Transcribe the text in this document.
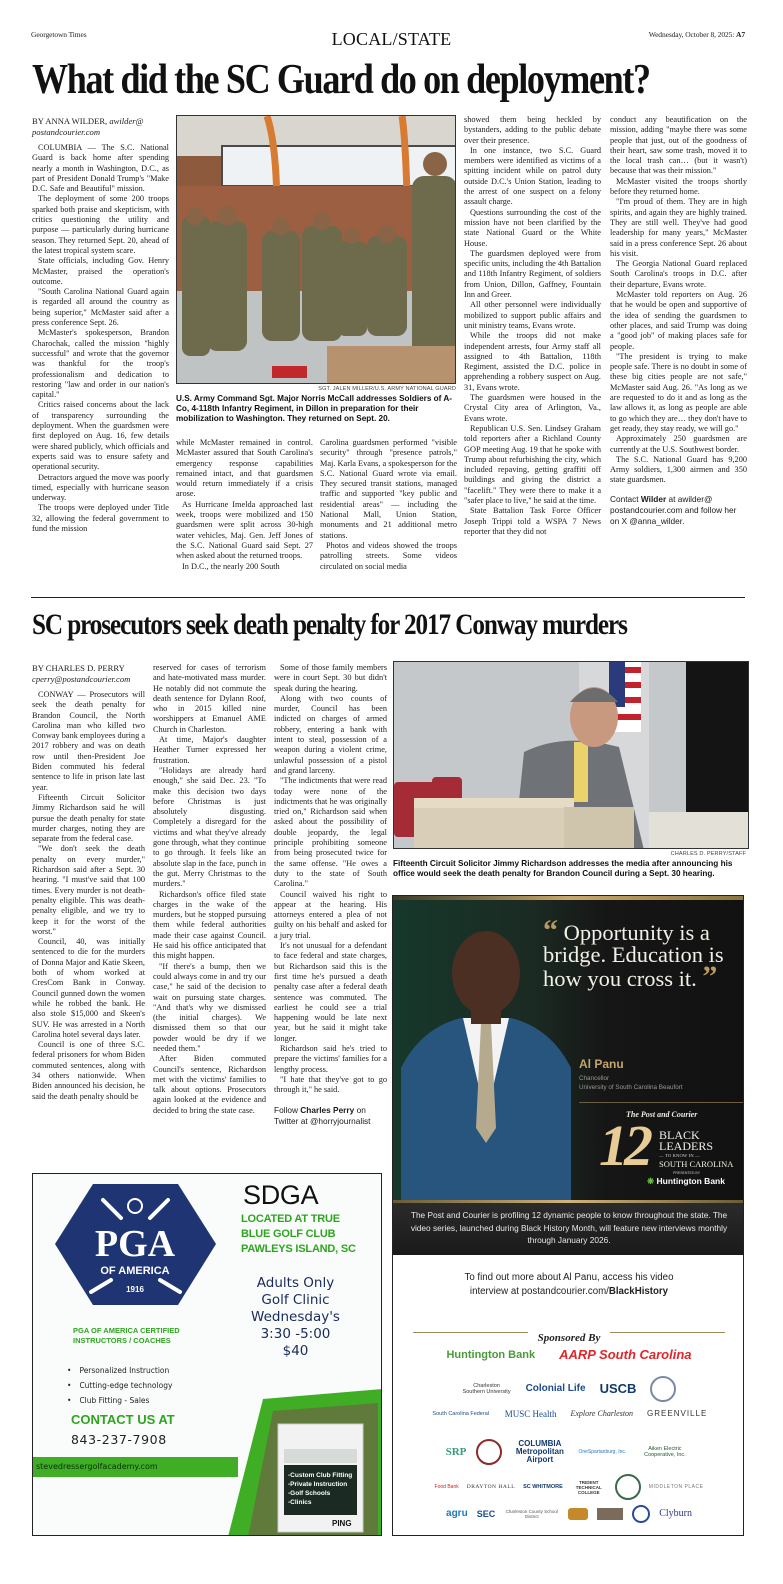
Georgetown Times	LOCAL/STATE	Wednesday, October 8, 2025: A7
What did the SC Guard do on deployment?
BY ANNA WILDER, awilder@
postandcourier.com

COLUMBIA — The S.C. National Guard is back home after spending nearly a month in Washington, D.C., as part of President Donald Trump's "Make D.C. Safe and Beautiful" mission.

The deployment of some 200 troops sparked both praise and skepticism, with critics questioning the utility and purpose — particularly during hurricane season. They returned Sept. 20, ahead of the latest tropical system scare.

State officials, including Gov. Henry McMaster, praised the operation's outcome.

"South Carolina National Guard again is regarded all around the country as being superior," McMaster said after a press conference Sept. 26.

McMaster's spokesperson, Brandon Charochak, called the mission "highly successful" and wrote that the governor was thankful for the troop's professionalism and dedication to restoring "law and order in our nation's capital."

Critics raised concerns about the lack of transparency surrounding the deployment. When the guardsmen were first deployed on Aug. 16, few details were shared publicly, which officials and experts said was to ensure safety and operational security.

Detractors argued the move was poorly timed, especially with hurricane season underway.

The troops were deployed under Title 32, allowing the federal government to fund the mission

SGT. JALEN MILLER/U.S. ARMY NATIONAL GUARD
U.S. Army Command Sgt. Major Norris McCall addresses Soldiers of A-Co, 4-118th Infantry Regiment, in Dillon in preparation for their mobilization to Washington. They returned on Sept. 20.

while McMaster remained in control. McMaster assured that South Carolina's emergency response capabilities remained intact, and that guardsmen would return immediately if a crisis arose.

As Hurricane Imelda approached last week, troops were mobilized and 150 guardsmen were split across 30-high water vehicles, Maj. Gen. Jeff Jones of the S.C. National Guard said Sept. 27 when asked about the returned troops.

In D.C., the nearly 200 South

Carolina guardsmen performed "visible security" through "presence patrols," Maj. Karla Evans, a spokesperson for the S.C. National Guard wrote via email. They secured transit stations, managed traffic and supported "key public and residential areas" — including the National Mall, Union Station, monuments and 21 additional metro stations.

Photos and videos showed the troops patrolling streets. Some videos circulated on social media

showed them being heckled by bystanders, adding to the public debate over their presence.

In one instance, two S.C. Guard members were identified as victims of a spitting incident while on patrol duty outside D.C.'s Union Station, leading to the arrest of one suspect on a felony assault charge.

Questions surrounding the cost of the mission have not been clarified by the state National Guard or the White House.

The guardsmen deployed were from specific units, including the 4th Battalion and 118th Infantry Regiment, of soldiers from Union, Dillon, Gaffney, Fountain Inn and Greer.

All other personnel were individually mobilized to support public affairs and unit ministry teams, Evans wrote.

While the troops did not make independent arrests, four Army staff all assigned to 4th Battalion, 118th Regiment, assisted the D.C. police in apprehending a robbery suspect on Aug. 31, Evans wrote.

The guardsmen were housed in the Crystal City area of Arlington, Va., Evans wrote.

Republican U.S. Sen. Lindsey Graham told reporters after a Richland County GOP meeting Aug. 19 that he spoke with Trump about refurbishing the city, which included repaving, getting graffiti off buildings and giving the district a "facelift." They were there to make it a "safer place to live," he said at the time.

State Battalion Task Force Officer Joseph Trippi told a WSPA 7 News reporter that they did not

conduct any beautification on the mission, adding "maybe there was some people that just, out of the goodness of their heart, saw some trash, moved it to the local trash can… (but it wasn't) because that was their mission."

McMaster visited the troops shortly before they returned home.

"I'm proud of them. They are in high spirits, and again they are highly trained. They are still well. They've had good leadership for many years," McMaster said in a press conference Sept. 26 about his visit.

The Georgia National Guard replaced South Carolina's troops in D.C. after their departure, Evans wrote.

McMaster told reporters on Aug. 26 that he would be open and supportive of the idea of sending the guardsmen to other places, and said Trump was doing a "good job" of making places safe for people.

"The president is trying to make people safe. There is no doubt in some of these big cities people are not safe," McMaster said Aug. 26. "As long as we are requested to do it and as long as the law allows it, as long as people are able to go which they are… they don't have to get ready, they stay ready, we will go."

Approximately 250 guardsmen are currently at the U.S. Southwest border.

The S.C. National Guard has 9,200 Army soldiers, 1,300 airmen and 350 state guardsmen.

Contact Wilder at awilder@ postandcourier.com and follow her on X @anna_wilder.
SC prosecutors seek death penalty for 2017 Conway murders
BY CHARLES D. PERRY
cperry@postandcourier.com

CONWAY — Prosecutors will seek the death penalty for Brandon Council, the North Carolina man who killed two Conway bank employees during a 2017 robbery and was on death row until then-President Joe Biden commuted his federal sentence to life in prison late last year.

Fifteenth Circuit Solicitor Jimmy Richardson said he will pursue the death penalty for state murder charges, noting they are separate from the federal case.

"We don't seek the death penalty on every murder," Richardson said after a Sept. 30 hearing. "I must've said that 100 times. Every murder is not death-penalty eligible. This was death-penalty eligible, and we try to keep it for the worst of the worst."

Council, 40, was initially sentenced to die for the murders of Donna Major and Katie Skeen, both of whom worked at CresCom Bank in Conway. Council gunned down the women while he robbed the bank. He also stole $15,000 and Skeen's SUV. He was arrested in a North Carolina hotel several days later.

Council is one of three S.C. federal prisoners for whom Biden commuted sentences, along with 34 others nationwide. When Biden announced his decision, he said the death penalty should be

reserved for cases of terrorism and hate-motivated mass murder. He notably did not commute the death sentence for Dylann Roof, who in 2015 killed nine worshippers at Emanuel AME Church in Charleston.

At time, Major's daughter Heather Turner expressed her frustration.

"Holidays are already hard enough," she said Dec. 23. "To make this decision two days before Christmas is just absolutely disgusting. Completely a disregard for the victims and what they've already gone through, what they continue to go through. It feels like an absolute slap in the face, punch in the gut. Merry Christmas to the murders."

Richardson's office filed state charges in the wake of the murders, but he stopped pursuing them while federal authorities made their case against Council. He said his office anticipated that this might happen.

"If there's a bump, then we could always come in and try our case," he said of the decision to wait on pursuing state charges. "And that's why we dismissed (the initial charges). We dismissed them so that our powder would be dry if we needed them."

After Biden commuted Council's sentence, Richardson met with the victims' families to talk about options. Prosecutors again looked at the evidence and decided to bring the state case.

Some of those family members were in court Sept. 30 but didn't speak during the hearing.

Along with two counts of murder, Council has been indicted on charges of armed robbery, entering a bank with intent to steal, possession of a weapon during a violent crime, unlawful possession of a pistol and grand larceny.

"The indictments that were read today were none of the indictments that he was originally tried on," Richardson said when asked about the possibility of double jeopardy, the legal principle prohibiting someone from being prosecuted twice for the same offense. "He owes a duty to the state of South Carolina."

Council waived his right to appear at the hearing. His attorneys entered a plea of not guilty on his behalf and asked for a jury trial.

It's not unusual for a defendant to face federal and state charges, but Richardson said this is the first time he's pursued a death penalty case after a federal death sentence was commuted. The earliest he could see a trial happening would be late next year, but he said it might take longer.

Richardson said he's tried to prepare the victims' families for a lengthy process.

"I hate that they've got to go through it," he said.

Follow Charles Perry on Twitter at @horryjournalist
CHARLES D. PERRY/STAFF
Fifteenth Circuit Solicitor Jimmy Richardson addresses the media after announcing his office would seek the death penalty for Brandon Council during a Sept. 30 hearing.
“ Opportunity is a bridge. Education is how you cross it. ”
Al Panu
Chancellor
University of South Carolina Beaufort
The Post and Courier
12 BLACK
LEADERS
— TO KNOW IN —
SOUTH CAROLINA
PRESENTED BY
❋ Huntington Bank
The Post and Courier is profiling 12 dynamic people to know throughout the state. The video series, launched during Black History Month, will feature new interviews monthly through January 2026.
To find out more about Al Panu, access his video
interview at postandcourier.com/BlackHistory
Sponsored By
Huntington Bank AARP South Carolina
Charleston Southern University Colonial Life USCB
South Carolina Federal MUSC Health Explore Charleston GREENVILLE
SRP
COLUMBIA Metropolitan Airport
OneSpartanburg, Inc.	Aiken Electric Cooperative, Inc.
Food Bank DRAYTON HALL SC WHITMORE
TRIDENT TECHNICAL COLLEGE
MIDDLETON PLACE
agru SEC	Charleston County School District	Clyburn
PGA
OF AMERICA
1916
SDGA
LOCATED AT TRUE
BLUE GOLF CLUB
PAWLEYS ISLAND, SC
Adults Only
Golf Clinic
Wednesday's
3:30 -5:00
$40
PGA OF AMERICA CERTIFIED
INSTRUCTORS / COACHES
• Personalized Instruction
• Cutting-edge technology
• Club Fitting - Sales
CONTACT US AT
843-237-7908
stevedressergolfacademy.com
-Custom Club Fitting
-Private Instruction
-Golf Schools
-Clinics
PING
